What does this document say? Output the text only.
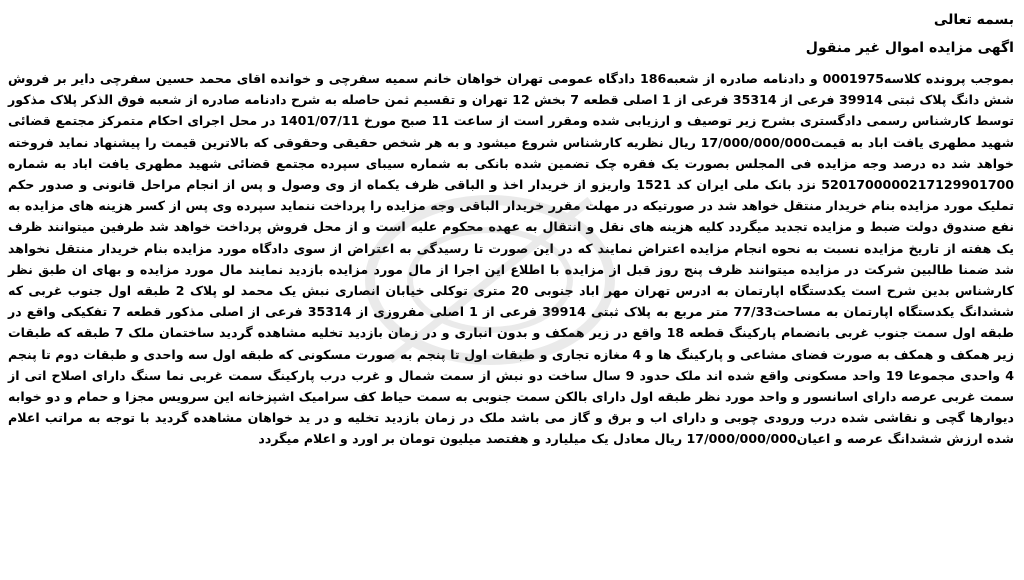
بسمه تعالی

اگهی مزایده اموال غیر منقول

بموجب پرونده کلاسه0001975 و دادنامه صادره از شعبه186 دادگاه عمومی تهران خواهان خانم سمیه سفرچی و خوانده اقای محمد حسین سفرچی دایر بر فروش شش دانگ پلاک ثبتی 39914 فرعی از 35314 فرعی از 1 اصلی قطعه 7 بخش 12 تهران و تقسیم ثمن حاصله به شرح دادنامه صادره از شعبه فوق الذکر پلاک مذکور توسط کارشناس رسمی دادگستری بشرح زیر توصیف و ارزیابی شده ومقرر است از ساعت 11 صبح مورخ 1401/07/11 در محل اجرای احکام متمرکز مجتمع قضائی شهید مطهری یافت اباد به قیمت17/000/000/000 ریال نظریه کارشناس شروع میشود و به هر شخص حقیقی وحقوقی که بالاترین قیمت را پیشنهاد نماید فروخته خواهد شد ده درصد وجه مزایده فی المجلس بصورت یک فقره چک تضمین شده بانکی به شماره سیبای سپرده مجتمع قضائی شهید مطهری یافت اباد به شماره 5201700000217129901700 نزد بانک ملی ایران کد 1521 واریزو از خریدار اخذ و الباقی ظرف یکماه از وی وصول و پس از انجام مراحل قانونی و صدور حکم تملیک مورد مزایده بنام خریدار منتقل خواهد شد در صورتیکه در مهلت مقرر خریدار الباقی وجه مزایده را پرداخت ننماید سپرده وی پس از کسر هزینه های مزایده به نفع صندوق دولت ضبط و مزایده تجدید میگردد کلیه هزینه های نقل و انتقال به عهده محکوم علیه است و از محل فروش پرداخت خواهد شد طرفین میتوانند ظرف یک هفته از تاریخ مزایده نسبت به نحوه انجام مزایده اعتراض نمایند که در این صورت تا رسیدگی به اعتراض از سوی دادگاه مورد مزایده بنام خریدار منتقل نخواهد شد ضمنا طالبین شرکت در مزایده میتوانند ظرف پنج روز قبل از مزایده با اطلاع این اجرا از مال مورد مزایده بازدید نمایند مال مورد مزایده و بهای ان طبق نظر کارشناس بدین شرح است یکدستگاه اپارتمان به ادرس تهران مهر اباد جنوبی 20 متری توکلی خیابان انصاری نبش یک محمد لو پلاک 2 طبقه اول جنوب غربی که ششدانگ یکدستگاه اپارتمان به مساحت77/33 متر مربع به پلاک ثبتی 39914 فرعی از 1 اصلی مفروزی از 35314 فرعی از اصلی مذکور قطعه 7 تفکیکی واقع در طبقه اول سمت جنوب غربی بانضمام پارکینگ قطعه 18 واقع در زیر همکف و بدون انباری و در زمان بازدید تخلیه مشاهده گردید ساختمان ملک 7 طبقه که طبقات زیر همکف و همکف به صورت فضای مشاعی و پارکینگ ها و 4 مغازه تجاری و طبقات اول تا پنجم به صورت مسکونی که طبقه اول سه واحدی و طبقات دوم تا پنجم 4 واحدی مجموعا 19 واحد مسکونی واقع شده اند ملک حدود 9 سال ساخت دو نبش از سمت شمال و غرب درب پارکینگ سمت غربی نما سنگ دارای اصلاح اتی از سمت غربی عرصه دارای اسانسور و واحد مورد نظر طبقه اول دارای بالکن سمت جنوبی به سمت حیاط کف سرامیک اشپزخانه این سرویس مجزا و حمام و دو خوابه دیوارها گچی و نقاشی شده درب ورودی چوبی و دارای اب و برق و گاز می باشد ملک در زمان بازدید تخلیه و در ید خواهان مشاهده گردید با توجه به مراتب اعلام شده ارزش ششدانگ عرصه و اعیان17/000/000/000 ریال معادل یک میلیارد و هفتصد میلیون تومان بر اورد و اعلام میگردد
